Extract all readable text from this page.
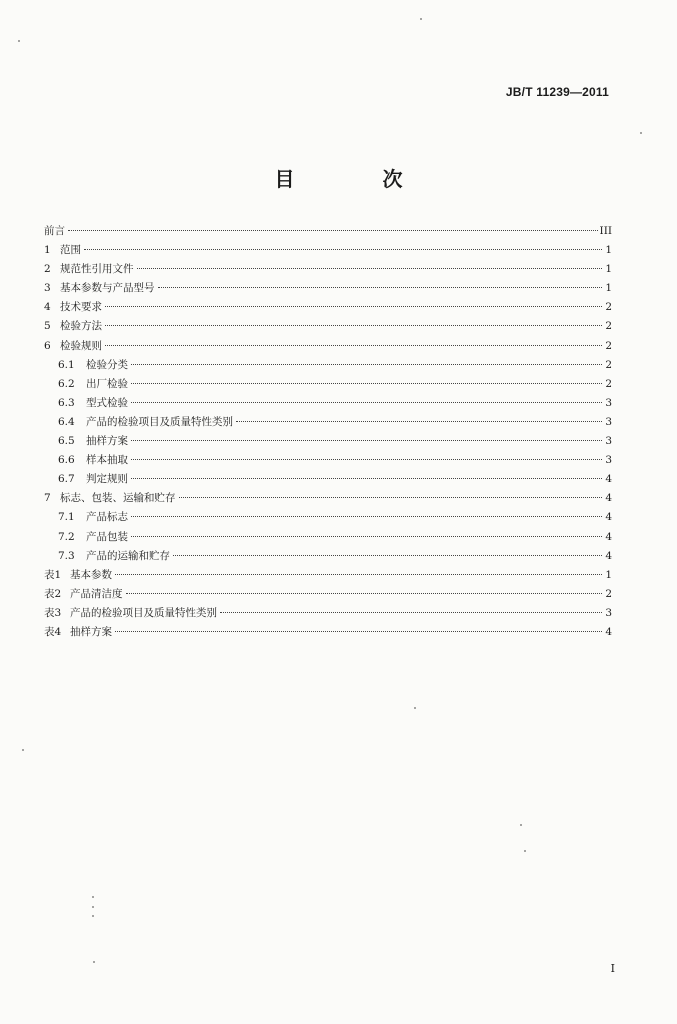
JB/T 11239—2011
目　次
前言	III
1 范围	1
2 规范性引用文件	1
3 基本参数与产品型号	1
4 技术要求	2
5 检验方法	2
6 检验规则	2
6.1	检验分类	2
6.2	出厂检验	2
6.3	型式检验	3
6.4	产品的检验项目及质量特性类别	3
6.5	抽样方案	3
6.6	样本抽取	3
6.7	判定规则	4
7 标志、包装、运输和贮存	4
7.1	产品标志	4
7.2	产品包装	4
7.3	产品的运输和贮存	4
表1 基本参数	1
表2 产品清洁度	2
表3 产品的检验项目及质量特性类别	3
表4 抽样方案	4
I
